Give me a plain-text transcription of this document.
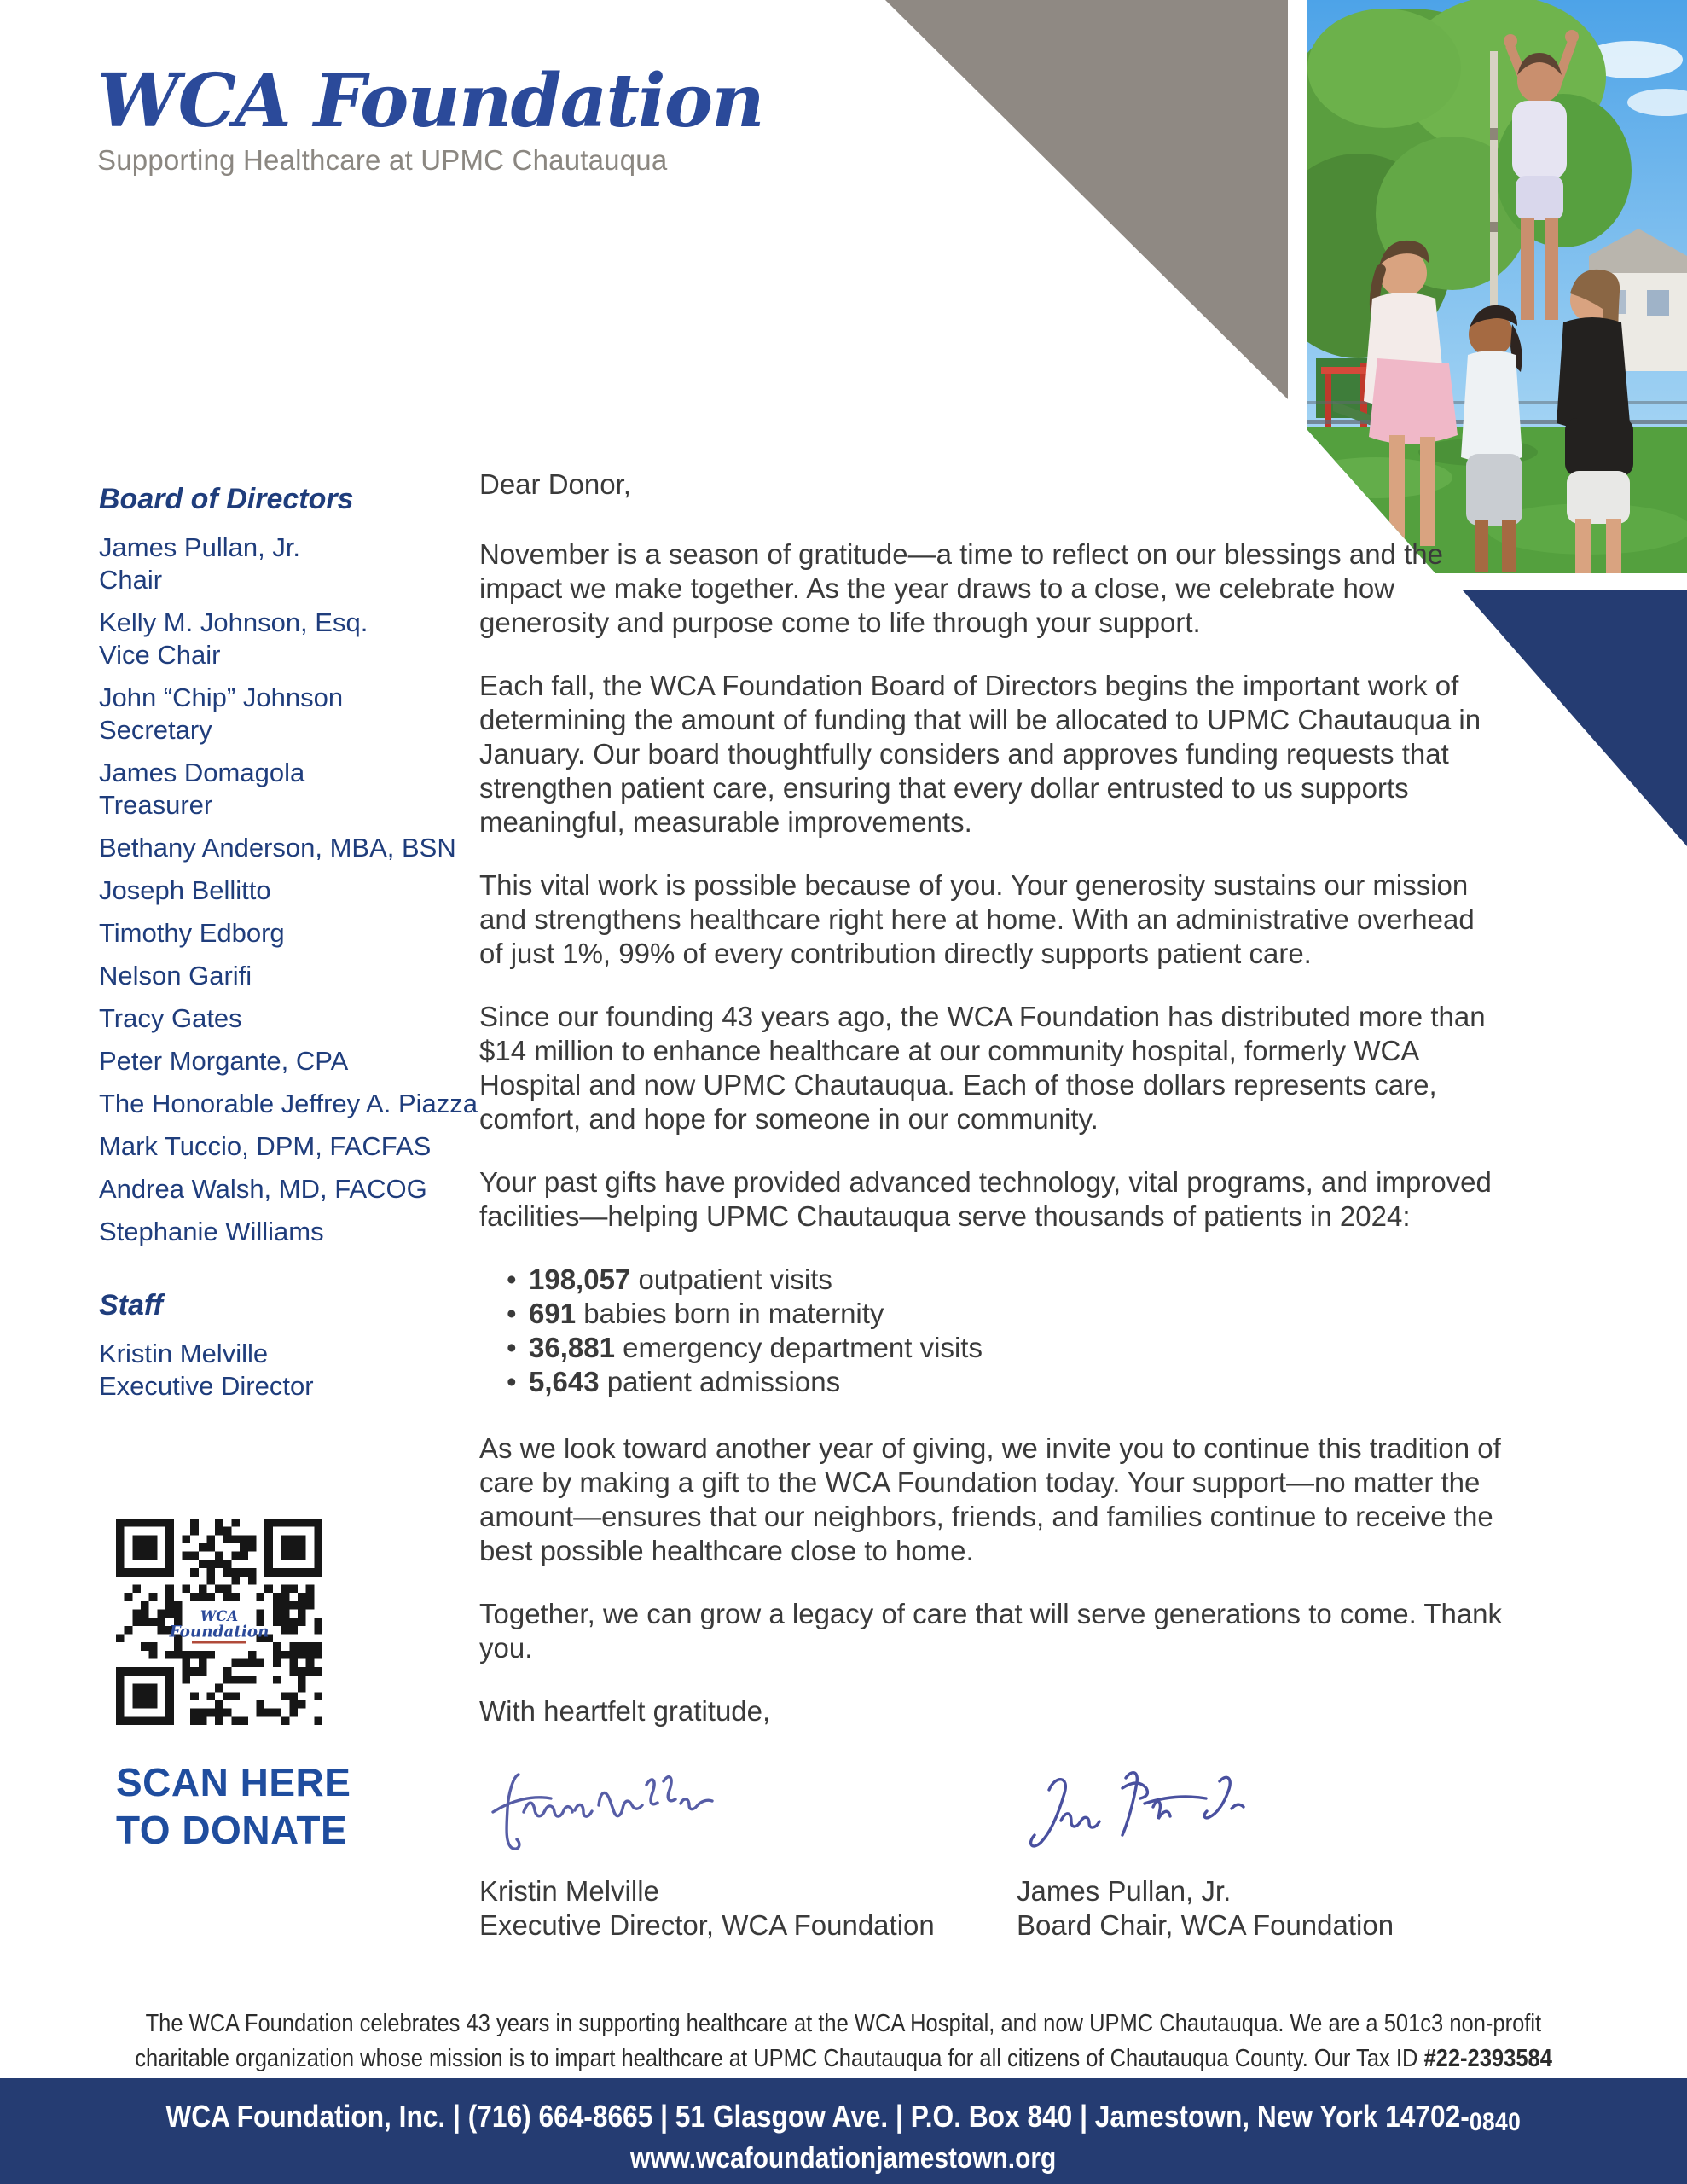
WCA Foundation
Supporting Healthcare at UPMC Chautauqua
Board of Directors
James Pullan, Jr.
Chair
Kelly M. Johnson, Esq.
Vice Chair
John “Chip” Johnson
Secretary
James Domagola
Treasurer
Bethany Anderson, MBA, BSN
Joseph Bellitto
Timothy Edborg
Nelson Garifi
Tracy Gates
Peter Morgante, CPA
The Honorable Jeffrey A. Piazza
Mark Tuccio, DPM, FACFAS
Andrea Walsh, MD, FACOG
Stephanie Williams
Staff
Kristin Melville
Executive Director
WCA
Foundation
SCAN HERE
TO DONATE

Dear Donor,

November is a season of gratitude—a time to reflect on our blessings and the impact we make together. As the year draws to a close, we celebrate how generosity and purpose come to life through your support.

Each fall, the WCA Foundation Board of Directors begins the important work of determining the amount of funding that will be allocated to UPMC Chautauqua in January. Our board thoughtfully considers and approves funding requests that strengthen patient care, ensuring that every dollar entrusted to us supports meaningful, measurable improvements.

This vital work is possible because of you. Your generosity sustains our mission and strengthens healthcare right here at home. With an administrative overhead of just 1%, 99% of every contribution directly supports patient care.

Since our founding 43 years ago, the WCA Foundation has distributed more than $14 million to enhance healthcare at our community hospital, formerly WCA Hospital and now UPMC Chautauqua. Each of those dollars represents care, comfort, and hope for someone in our community.

Your past gifts have provided advanced technology, vital programs, and improved facilities—helping UPMC Chautauqua serve thousands of patients in 2024:

• 198,057 outpatient visits
• 691 babies born in maternity
• 36,881 emergency department visits
• 5,643 patient admissions

As we look toward another year of giving, we invite you to continue this tradition of care by making a gift to the WCA Foundation today. Your support—no matter the amount—ensures that our neighbors, friends, and families continue to receive the best possible healthcare close to home.

Together, we can grow a legacy of care that will serve generations to come. Thank you.

With heartfelt gratitude,

Kristin Melville
Executive Director, WCA Foundation
James Pullan, Jr.
Board Chair, WCA Foundation
The WCA Foundation celebrates 43 years in supporting healthcare at the WCA Hospital, and now UPMC Chautauqua. We are a 501c3 non-profit
charitable organization whose mission is to impart healthcare at UPMC Chautauqua for all citizens of Chautauqua County. Our Tax ID #22-2393584
WCA Foundation, Inc. | (716) 664-8665 | 51 Glasgow Ave. | P.O. Box 840 | Jamestown, New York 14702-0840
www.wcafoundationjamestown.org
